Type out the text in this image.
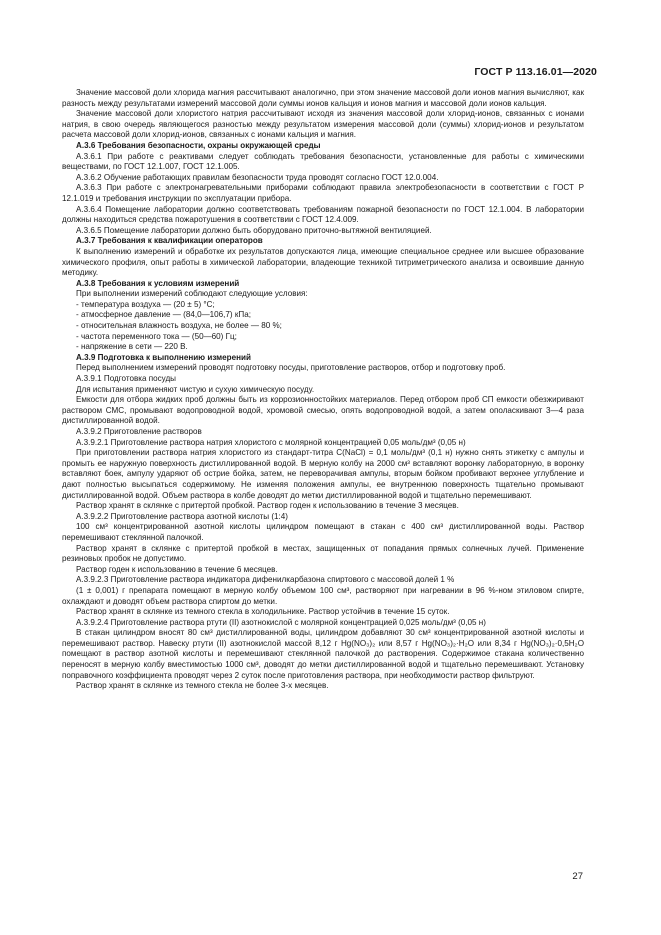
ГОСТ Р 113.16.01—2020

Значение массовой доли хлорида магния рассчитывают аналогично, при этом значение массовой доли ионов магния вычисляют, как разность между результатами измерений массовой доли суммы ионов кальция и ионов магния и массовой доли ионов кальция.

Значение массовой доли хлористого натрия рассчитывают исходя из значения массовой доли хлорид-ионов, связанных с ионами натрия, в свою очередь являющегося разностью между результатом измерения массовой доли (суммы) хлорид-ионов и результатом расчета массовой доли хлорид-ионов, связанных с ионами кальция и магния.

А.3.6 Требования безопасности, охраны окружающей среды

А.3.6.1 При работе с реактивами следует соблюдать требования безопасности, установленные для работы с химическими веществами, по ГОСТ 12.1.007, ГОСТ 12.1.005.

А.3.6.2 Обучение работающих правилам безопасности труда проводят согласно ГОСТ 12.0.004.

А.3.6.3 При работе с электронагревательными приборами соблюдают правила электробезопасности в соответствии с ГОСТ Р 12.1.019 и требования инструкции по эксплуатации прибора.

А.3.6.4 Помещение лаборатории должно соответствовать требованиям пожарной безопасности по ГОСТ 12.1.004. В лаборатории должны находиться средства пожаротушения в соответствии с ГОСТ 12.4.009.

А.3.6.5 Помещение лаборатории должно быть оборудовано приточно-вытяжной вентиляцией.

А.3.7 Требования к квалификации операторов

К выполнению измерений и обработке их результатов допускаются лица, имеющие специальное среднее или высшее образование химического профиля, опыт работы в химической лаборатории, владеющие техникой титриметрического анализа и освоившие данную методику.

А.3.8 Требования к условиям измерений

При выполнении измерений соблюдают следующие условия:

- температура воздуха — (20 ± 5) °С;

- атмосферное давление — (84,0—106,7) кПа;

- относительная влажность воздуха, не более — 80 %;

- частота переменного тока — (50—60) Гц;

- напряжение в сети — 220 В.

А.3.9 Подготовка к выполнению измерений

Перед выполнением измерений проводят подготовку посуды, приготовление растворов, отбор и подготовку проб.

А.3.9.1 Подготовка посуды

Для испытания применяют чистую и сухую химическую посуду.

Емкости для отбора жидких проб должны быть из коррозионностойких материалов. Перед отбором проб СП емкости обезжиривают раствором СМС, промывают водопроводной водой, хромовой смесью, опять водопроводной водой, а затем ополаскивают 3—4 раза дистиллированной водой.

А.3.9.2 Приготовление растворов

А.3.9.2.1 Приготовление раствора натрия хлористого с молярной концентрацией 0,05 моль/дм³ (0,05 н)

При приготовлении раствора натрия хлористого из стандарт-титра С(NaCl) = 0,1 моль/дм³ (0,1 н) нужно снять этикетку с ампулы и промыть ее наружную поверхность дистиллированной водой. В мерную колбу на 2000 см³ вставляют воронку лабораторную, в воронку вставляют боек, ампулу ударяют об острие бойка, затем, не переворачивая ампулы, вторым бойком пробивают верхнее углубление и дают полностью высыпаться содержимому. Не изменяя положения ампулы, ее внутреннюю поверхность тщательно промывают дистиллированной водой. Объем раствора в колбе доводят до метки дистиллированной водой и тщательно перемешивают.

Раствор хранят в склянке с притертой пробкой. Раствор годен к использованию в течение 3 месяцев.

А.3.9.2.2 Приготовление раствора азотной кислоты (1:4)

100 см³ концентрированной азотной кислоты цилиндром помещают в стакан с 400 см³ дистиллированной воды. Раствор перемешивают стеклянной палочкой.

Раствор хранят в склянке с притертой пробкой в местах, защищенных от попадания прямых солнечных лучей. Применение резиновых пробок не допустимо.

Раствор годен к использованию в течение 6 месяцев.

А.3.9.2.3 Приготовление раствора индикатора дифенилкарбазона спиртового с массовой долей 1 %

(1 ± 0,001) г препарата помещают в мерную колбу объемом 100 см³, растворяют при нагревании в 96 %-ном этиловом спирте, охлаждают и доводят объем раствора спиртом до метки.

Раствор хранят в склянке из темного стекла в холодильнике. Раствор устойчив в течение 15 суток.

А.3.9.2.4 Приготовление раствора ртути (II) азотнокислой с молярной концентрацией 0,025 моль/дм³ (0,05 н)

В стакан цилиндром вносят 80 см³ дистиллированной воды, цилиндром добавляют 30 см³ концентрированной азотной кислоты и перемешивают раствор. Навеску ртути (II) азотнокислой массой 8,12 г Hg(NO₃)₂ или 8,57 г Hg(NO₃)₂·H₂O или 8,34 г Hg(NO₃)₂·0,5H₂O помещают в раствор азотной кислоты и перемешивают стеклянной палочкой до растворения. Содержимое стакана количественно переносят в мерную колбу вместимостью 1000 см³, доводят до метки дистиллированной водой и тщательно перемешивают. Установку поправочного коэффициента проводят через 2 суток после приготовления раствора, при необходимости раствор фильтруют.

Раствор хранят в склянке из темного стекла не более 3-х месяцев.

27
